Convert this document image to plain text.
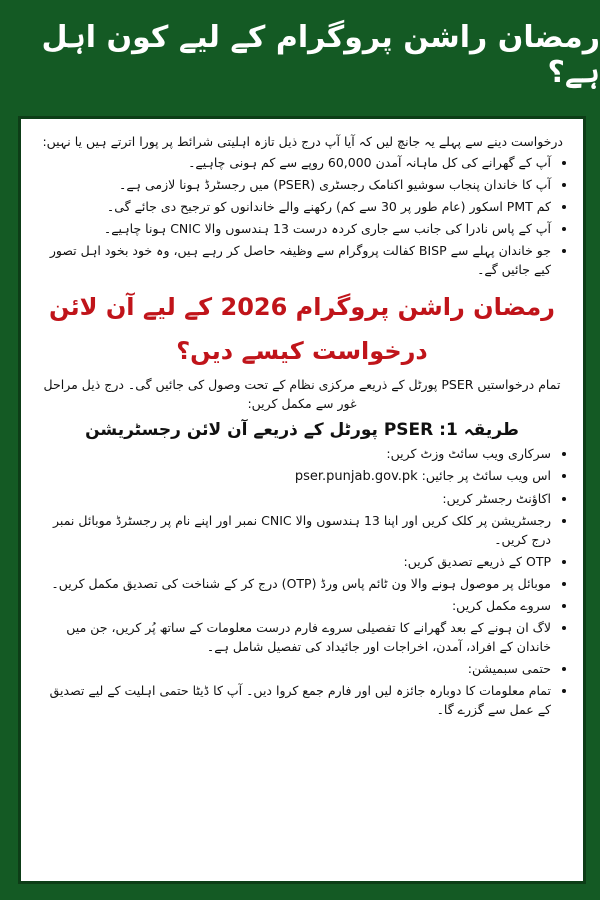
رمضان راشن پروگرام کے لیے کون اہل ہے؟
درخواست دینے سے پہلے یہ جانچ لیں کہ آیا آپ درج ذیل تازہ اہلیتی شرائط پر پورا اترتے ہیں یا نہیں:
• آپ کے گھرانے کی کل ماہانہ آمدن 60,000 روپے سے کم ہونی چاہیے۔
• آپ کا خاندان پنجاب سوشیو اکنامک رجسٹری (PSER) میں رجسٹرڈ ہونا لازمی ہے۔
• کم PMT اسکور (عام طور پر 30 سے کم) رکھنے والے خاندانوں کو ترجیح دی جائے گی۔
• آپ کے پاس نادرا کی جانب سے جاری کردہ درست 13 ہندسوں والا CNIC ہونا چاہیے۔
• جو خاندان پہلے سے BISP کفالت پروگرام سے وظیفہ حاصل کر رہے ہیں، وہ خود بخود اہل تصور کیے جائیں گے۔
رمضان راشن پروگرام 2026 کے لیے آن لائن درخواست کیسے دیں؟
تمام درخواستیں PSER پورٹل کے ذریعے مرکزی نظام کے تحت وصول کی جائیں گی۔ درج ذیل مراحل غور سے مکمل کریں:
طریقہ 1: PSER پورٹل کے ذریعے آن لائن رجسٹریشن
• سرکاری ویب سائٹ وزٹ کریں:
• اس ویب سائٹ پر جائیں: pser.punjab.gov.pk
• اکاؤنٹ رجسٹر کریں:
• رجسٹریشن پر کلک کریں اور اپنا 13 ہندسوں والا CNIC نمبر اور اپنے نام پر رجسٹرڈ موبائل نمبر درج کریں۔
• OTP کے ذریعے تصدیق کریں:
• موبائل پر موصول ہونے والا ون ٹائم پاس ورڈ (OTP) درج کر کے شناخت کی تصدیق مکمل کریں۔
• سروے مکمل کریں:
• لاگ ان ہونے کے بعد گھرانے کا تفصیلی سروے فارم درست معلومات کے ساتھ پُر کریں، جن میں خاندان کے افراد، آمدن، اخراجات اور جائیداد کی تفصیل شامل ہے۔
• حتمی سبمیشن:
• تمام معلومات کا دوبارہ جائزہ لیں اور فارم جمع کروا دیں۔ آپ کا ڈیٹا حتمی اہلیت کے لیے تصدیق کے عمل سے گزرے گا۔
